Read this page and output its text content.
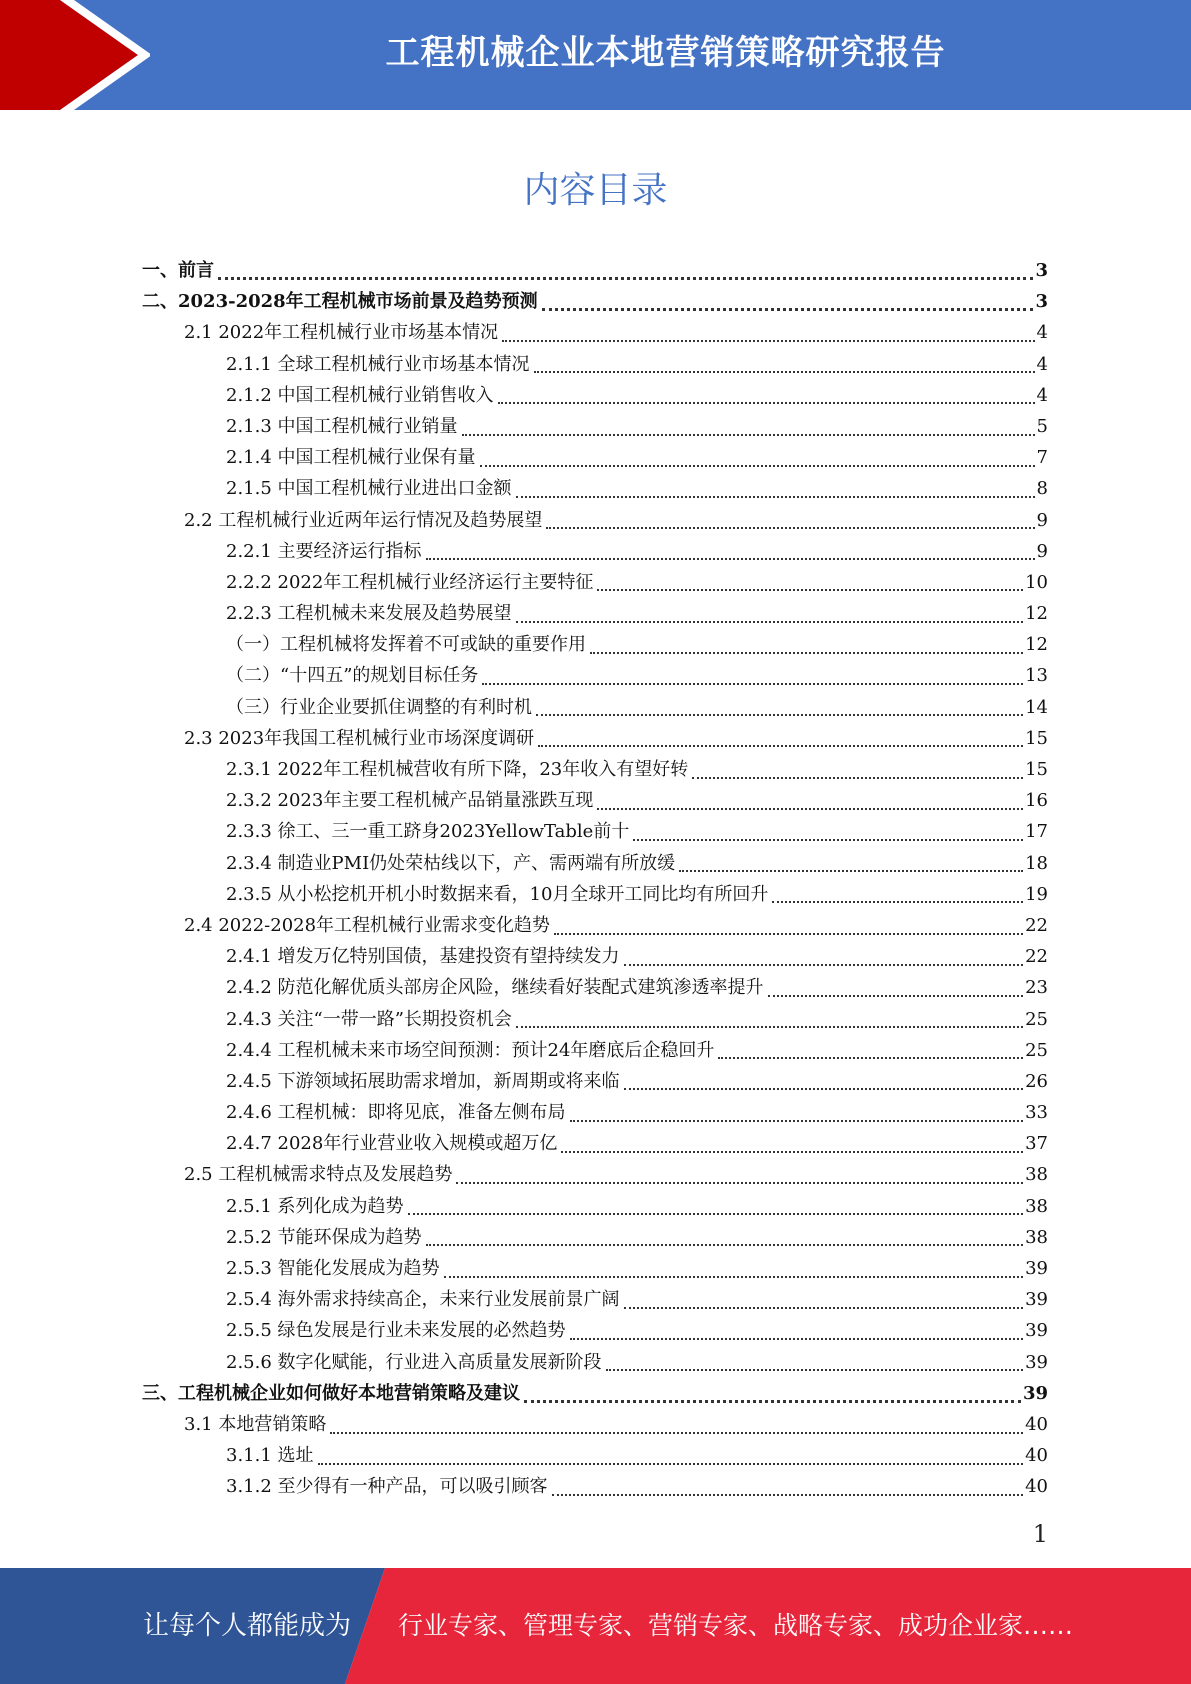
工程机械企业本地营销策略研究报告
内容目录
一、前言	3
二、2023-2028年工程机械市场前景及趋势预测	3
2.1 2022年工程机械行业市场基本情况	4
2.1.1 全球工程机械行业市场基本情况	4
2.1.2 中国工程机械行业销售收入	4
2.1.3 中国工程机械行业销量	5
2.1.4 中国工程机械行业保有量	7
2.1.5 中国工程机械行业进出口金额	8
2.2 工程机械行业近两年运行情况及趋势展望	9
2.2.1 主要经济运行指标	9
2.2.2 2022年工程机械行业经济运行主要特征	10
2.2.3 工程机械未来发展及趋势展望	12
（一）工程机械将发挥着不可或缺的重要作用	12
（二）“十四五”的规划目标任务	13
（三）行业企业要抓住调整的有利时机	14
2.3 2023年我国工程机械行业市场深度调研	15
2.3.1 2022年工程机械营收有所下降，23年收入有望好转	15
2.3.2 2023年主要工程机械产品销量涨跌互现	16
2.3.3 徐工、三一重工跻身2023YellowTable前十	17
2.3.4 制造业PMI仍处荣枯线以下，产、需两端有所放缓	18
2.3.5 从小松挖机开机小时数据来看，10月全球开工同比均有所回升	19
2.4 2022-2028年工程机械行业需求变化趋势	22
2.4.1 增发万亿特别国债，基建投资有望持续发力	22
2.4.2 防范化解优质头部房企风险，继续看好装配式建筑渗透率提升	23
2.4.3 关注“一带一路”长期投资机会	25
2.4.4 工程机械未来市场空间预测：预计24年磨底后企稳回升	25
2.4.5 下游领域拓展助需求增加，新周期或将来临	26
2.4.6 工程机械：即将见底，准备左侧布局	33
2.4.7 2028年行业营业收入规模或超万亿	37
2.5 工程机械需求特点及发展趋势	38
2.5.1 系列化成为趋势	38
2.5.2 节能环保成为趋势	38
2.5.3 智能化发展成为趋势	39
2.5.4 海外需求持续高企，未来行业发展前景广阔	39
2.5.5 绿色发展是行业未来发展的必然趋势	39
2.5.6 数字化赋能，行业进入高质量发展新阶段	39
三、工程机械企业如何做好本地营销策略及建议	39
3.1 本地营销策略	40
3.1.1 选址	40
3.1.2 至少得有一种产品，可以吸引顾客	40
1
让每个人都能成为 行业专家、管理专家、营销专家、战略专家、成功企业家……
